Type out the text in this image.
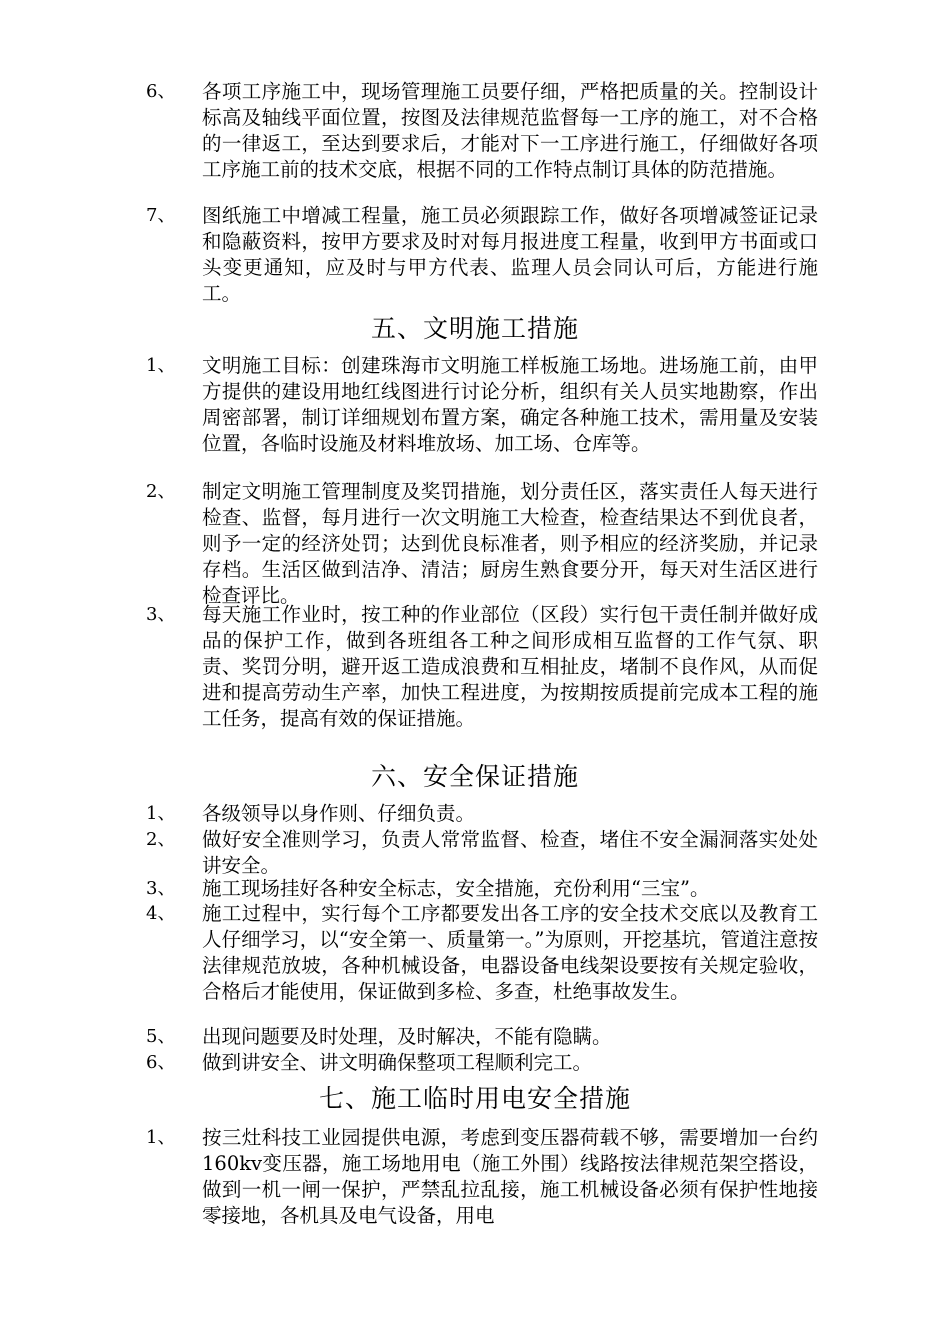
6、	各项工序施工中，现场管理施工员要仔细，严格把质量的关。控制设计标高及轴线平面位置，按图及法律规范监督每一工序的施工，对不合格的一律返工，至达到要求后，才能对下一工序进行施工，仔细做好各项工序施工前的技术交底，根据不同的工作特点制订具体的防范措施。
7、	图纸施工中增减工程量，施工员必须跟踪工作，做好各项增减签证记录和隐蔽资料，按甲方要求及时对每月报进度工程量，收到甲方书面或口头变更通知，应及时与甲方代表、监理人员会同认可后，方能进行施工。
五、文明施工措施
1、	文明施工目标：创建珠海市文明施工样板施工场地。进场施工前，由甲方提供的建设用地红线图进行讨论分析，组织有关人员实地勘察，作出周密部署，制订详细规划布置方案，确定各种施工技术，需用量及安装位置，各临时设施及材料堆放场、加工场、仓库等。
2、	制定文明施工管理制度及奖罚措施，划分责任区，落实责任人每天进行检查、监督，每月进行一次文明施工大检查，检查结果达不到优良者，则予一定的经济处罚；达到优良标准者，则予相应的经济奖励，并记录存档。生活区做到洁净、清洁；厨房生熟食要分开，每天对生活区进行检查评比。
3、	每天施工作业时，按工种的作业部位（区段）实行包干责任制并做好成品的保护工作，做到各班组各工种之间形成相互监督的工作气氛、职责、奖罚分明，避开返工造成浪费和互相扯皮，堵制不良作风，从而促进和提高劳动生产率，加快工程进度，为按期按质提前完成本工程的施工任务，提高有效的保证措施。
六、安全保证措施
1、	各级领导以身作则、仔细负责。
2、	做好安全准则学习，负责人常常监督、检查，堵住不安全漏洞落实处处讲安全。
3、	施工现场挂好各种安全标志，安全措施，充份利用“三宝”。
4、	施工过程中，实行每个工序都要发出各工序的安全技术交底以及教育工人仔细学习，以“安全第一、质量第一。”为原则，开挖基坑，管道注意按法律规范放坡，各种机械设备，电器设备电线架设要按有关规定验收，合格后才能使用，保证做到多检、多查，杜绝事故发生。
5、	出现问题要及时处理，及时解决，不能有隐瞒。
6、	做到讲安全、讲文明确保整项工程顺利完工。
七、施工临时用电安全措施
1、	按三灶科技工业园提供电源，考虑到变压器荷载不够，需要增加一台约160kv变压器，施工场地用电（施工外围）线路按法律规范架空搭设，做到一机一闸一保护，严禁乱拉乱接，施工机械设备必须有保护性地接零接地，各机具及电气设备，用电
